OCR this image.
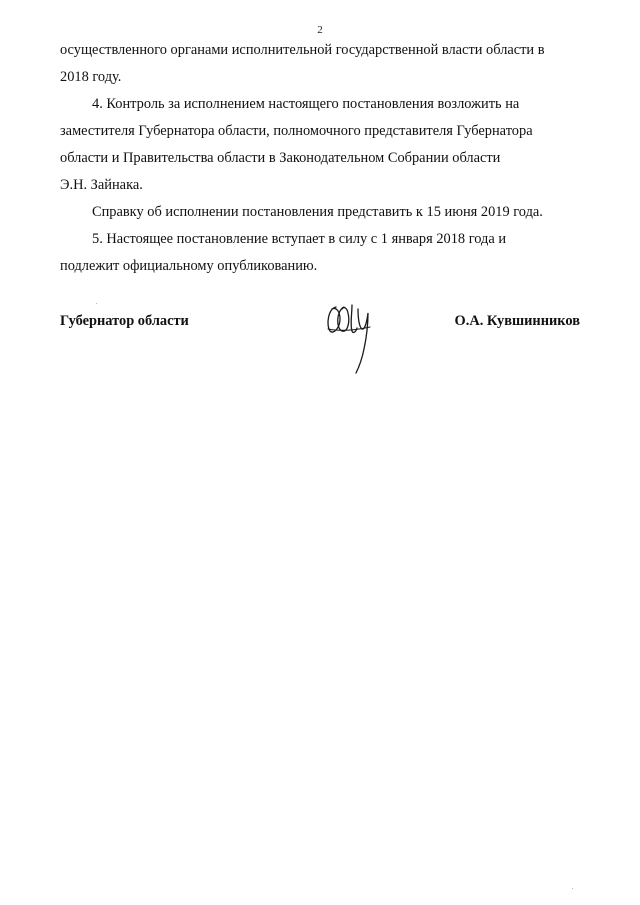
2

осуществленного органами исполнительной государственной власти области в

2018 году.

4. Контроль за исполнением настоящего постановления возложить на

заместителя Губернатора области, полномочного представителя Губернатора

области и Правительства области в Законодательном Собрании области

Э.Н. Зайнака.

Справку об исполнении постановления представить к 15 июня 2019 года.

5. Настоящее постановление вступает в силу с 1 января 2018 года и

подлежит официальному опубликованию.

Губернатор области	О.А. Кувшинников
